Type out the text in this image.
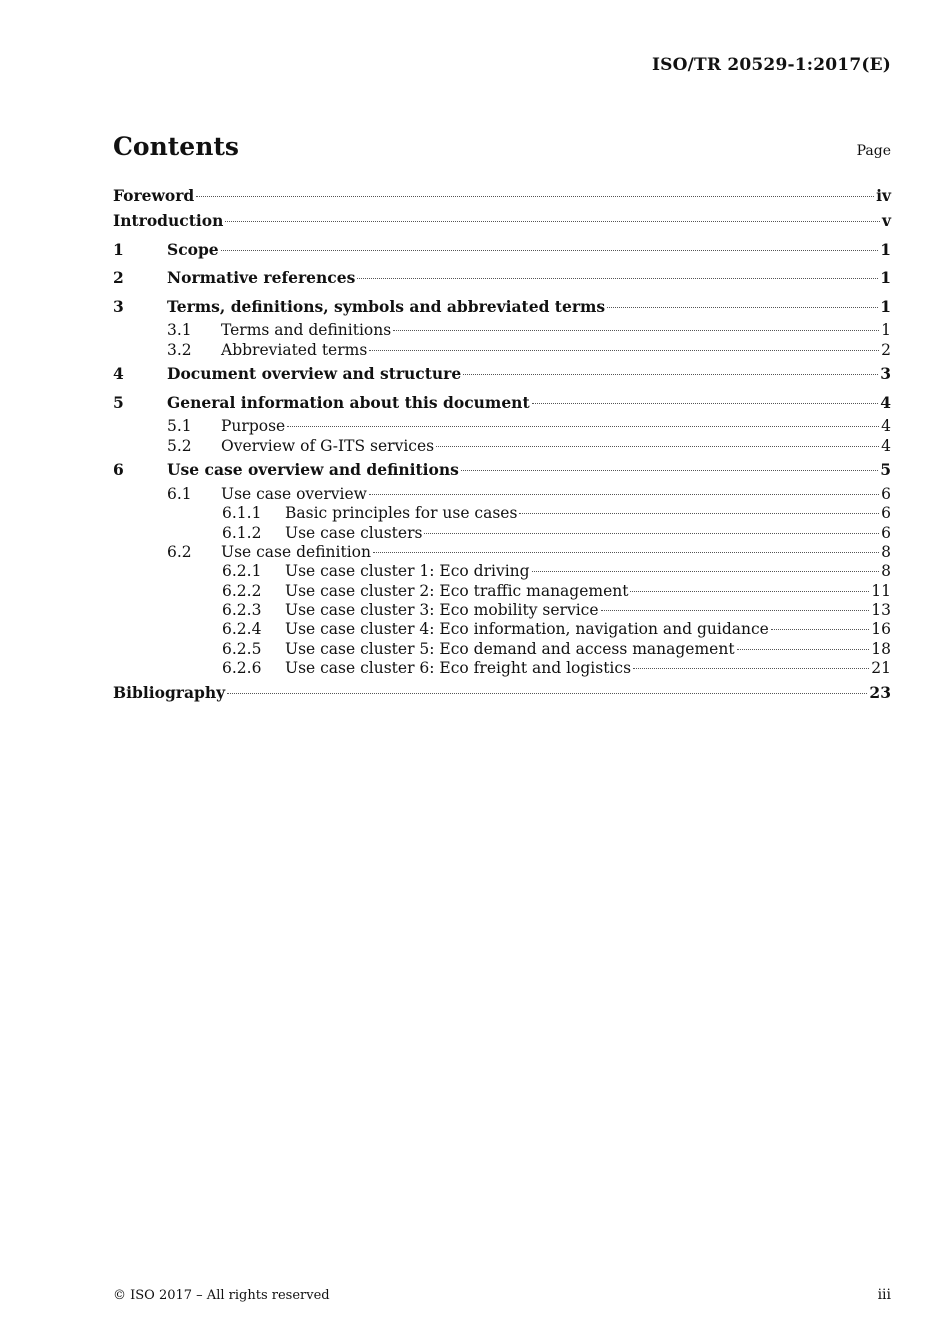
ISO/TR 20529-1:2017(E)
Contents	Page
Foreword	iv
Introduction	v
1	Scope	1
2	Normative references	1
3	Terms, definitions, symbols and abbreviated terms	1
3.1	Terms and definitions	1
3.2	Abbreviated terms	2
4	Document overview and structure	3
5	General information about this document	4
5.1	Purpose	4
5.2	Overview of G-ITS services	4
6	Use case overview and definitions	5
6.1	Use case overview	6
6.1.1	Basic principles for use cases	6
6.1.2	Use case clusters	6
6.2	Use case definition	8
6.2.1	Use case cluster 1: Eco driving	8
6.2.2	Use case cluster 2: Eco traffic management	11
6.2.3	Use case cluster 3: Eco mobility service	13
6.2.4	Use case cluster 4: Eco information, navigation and guidance	16
6.2.5	Use case cluster 5: Eco demand and access management	18
6.2.6	Use case cluster 6: Eco freight and logistics	21
Bibliography	23
© ISO 2017 – All rights reserved	iii
